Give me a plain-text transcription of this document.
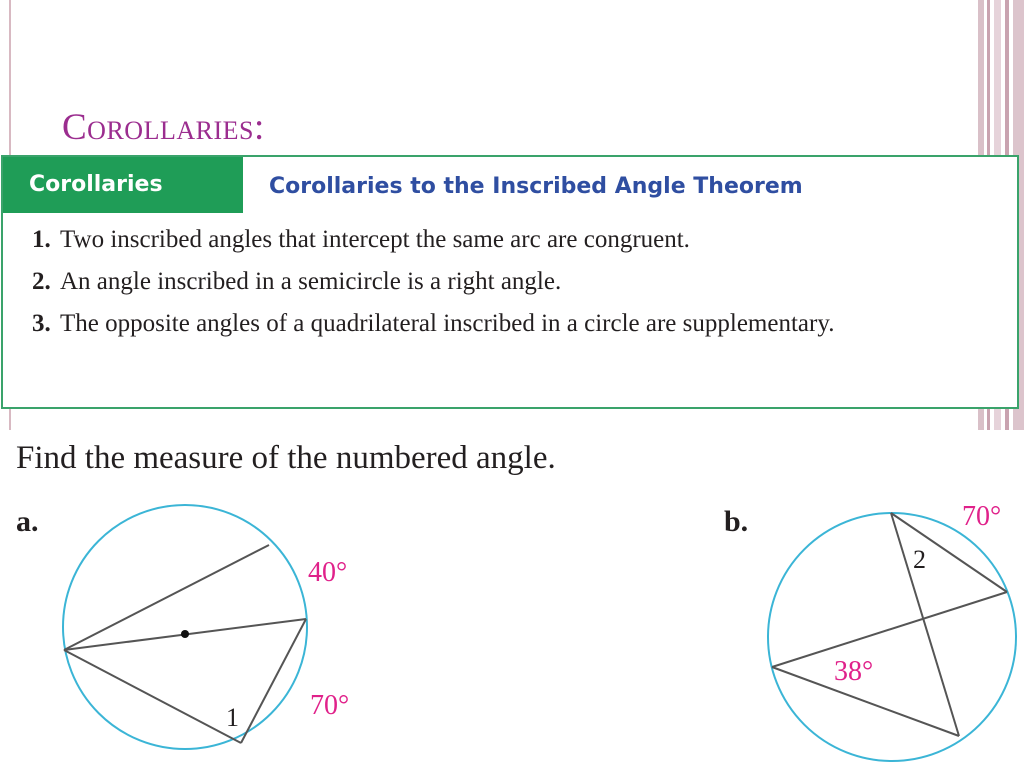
Corollaries:
Corollaries	Corollaries to the Inscribed Angle Theorem
1. Two inscribed angles that intercept the same arc are congruent.
2. An angle inscribed in a semicircle is a right angle.
3. The opposite angles of a quadrilateral inscribed in a circle are supplementary.
Find the measure of the numbered angle.
a.	b.
40°
70°
1
70°
38°
2
